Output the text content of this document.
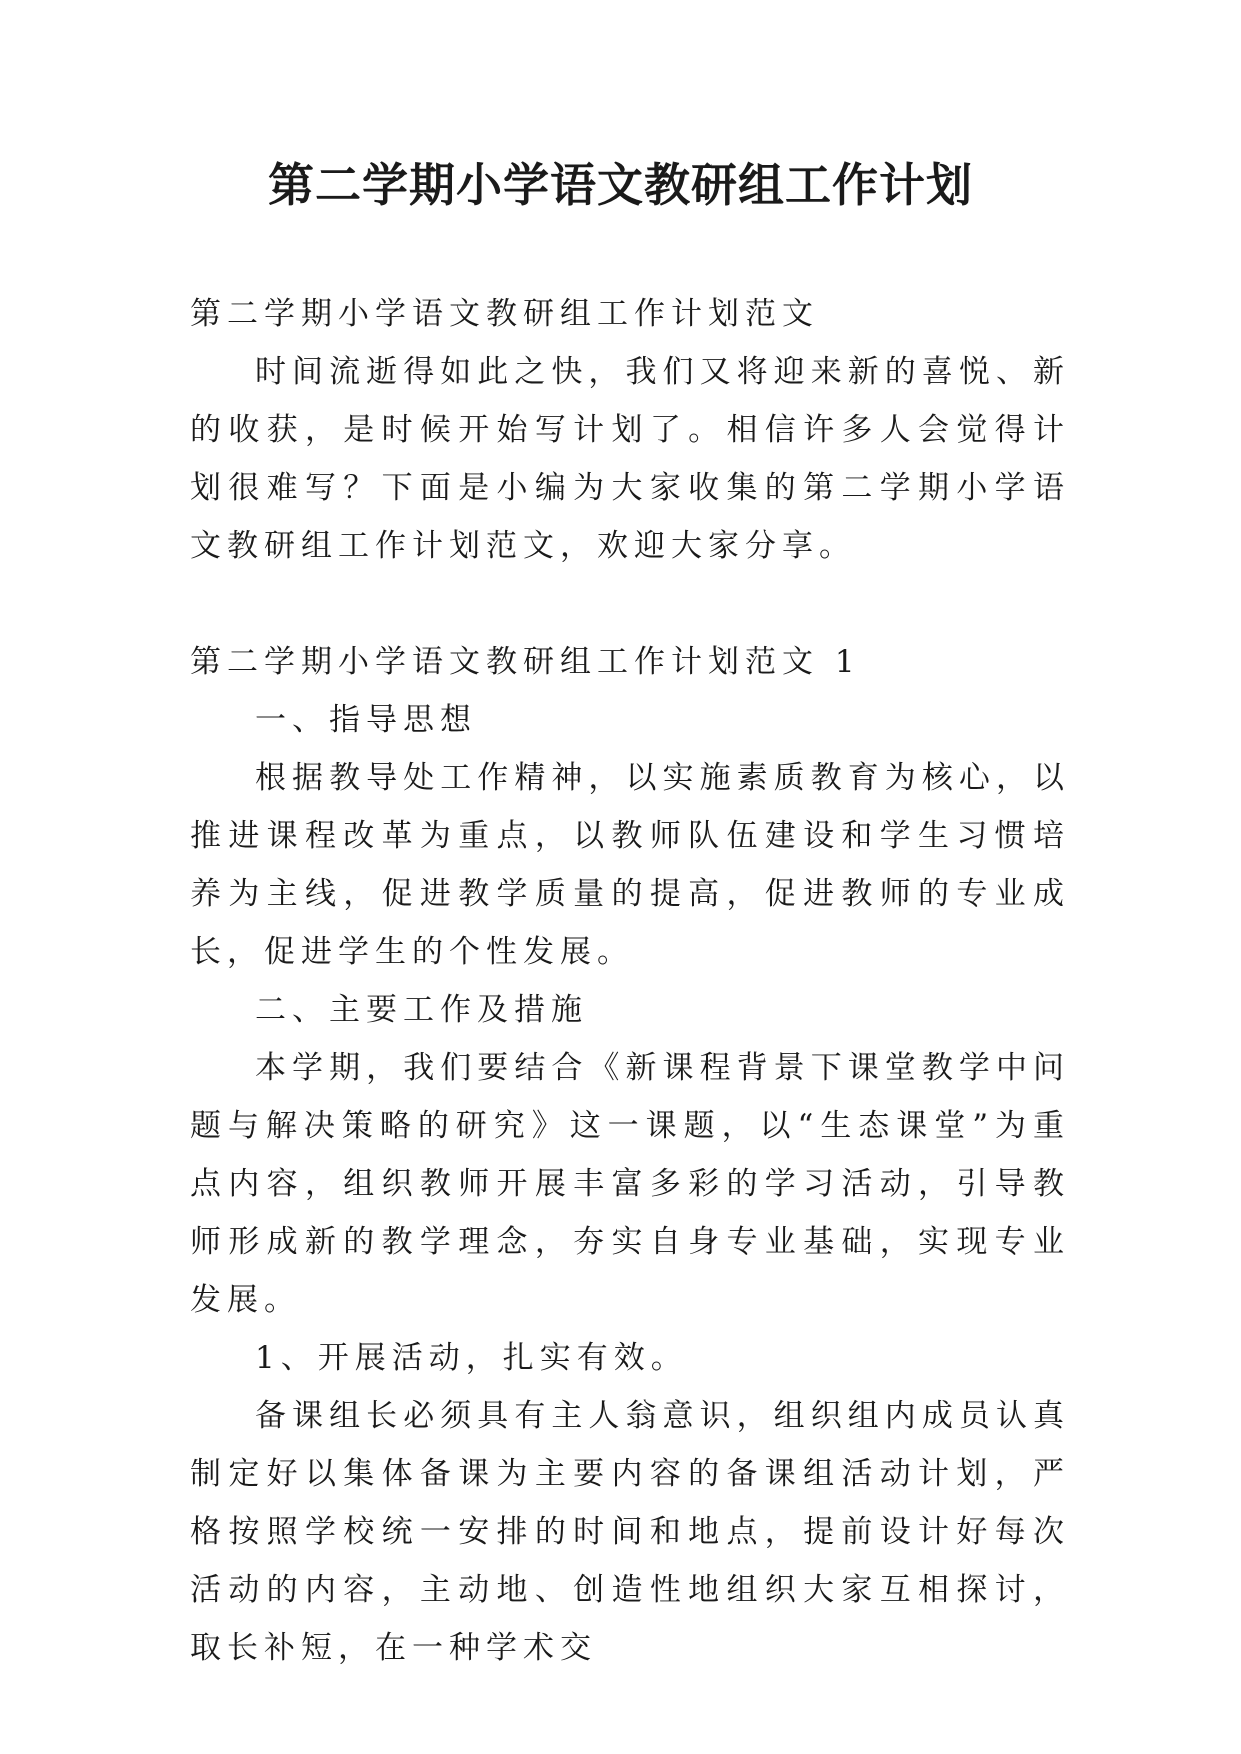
第二学期小学语文教研组工作计划

第二学期小学语文教研组工作计划范文

时间流逝得如此之快，我们又将迎来新的喜悦、新的收获，是时候开始写计划了。相信许多人会觉得计划很难写？下面是小编为大家收集的第二学期小学语文教研组工作计划范文，欢迎大家分享。

第二学期小学语文教研组工作计划范文 1

一、指导思想

根据教导处工作精神，以实施素质教育为核心，以推进课程改革为重点，以教师队伍建设和学生习惯培养为主线，促进教学质量的提高，促进教师的专业成长，促进学生的个性发展。

二、主要工作及措施

本学期，我们要结合《新课程背景下课堂教学中问题与解决策略的研究》这一课题，以“生态课堂”为重点内容，组织教师开展丰富多彩的学习活动，引导教师形成新的教学理念，夯实自身专业基础，实现专业发展。

1、开展活动，扎实有效。

备课组长必须具有主人翁意识，组织组内成员认真制定好以集体备课为主要内容的备课组活动计划，严格按照学校统一安排的时间和地点，提前设计好每次活动的内容，主动地、创造性地组织大家互相探讨，取长补短，在一种学术交
